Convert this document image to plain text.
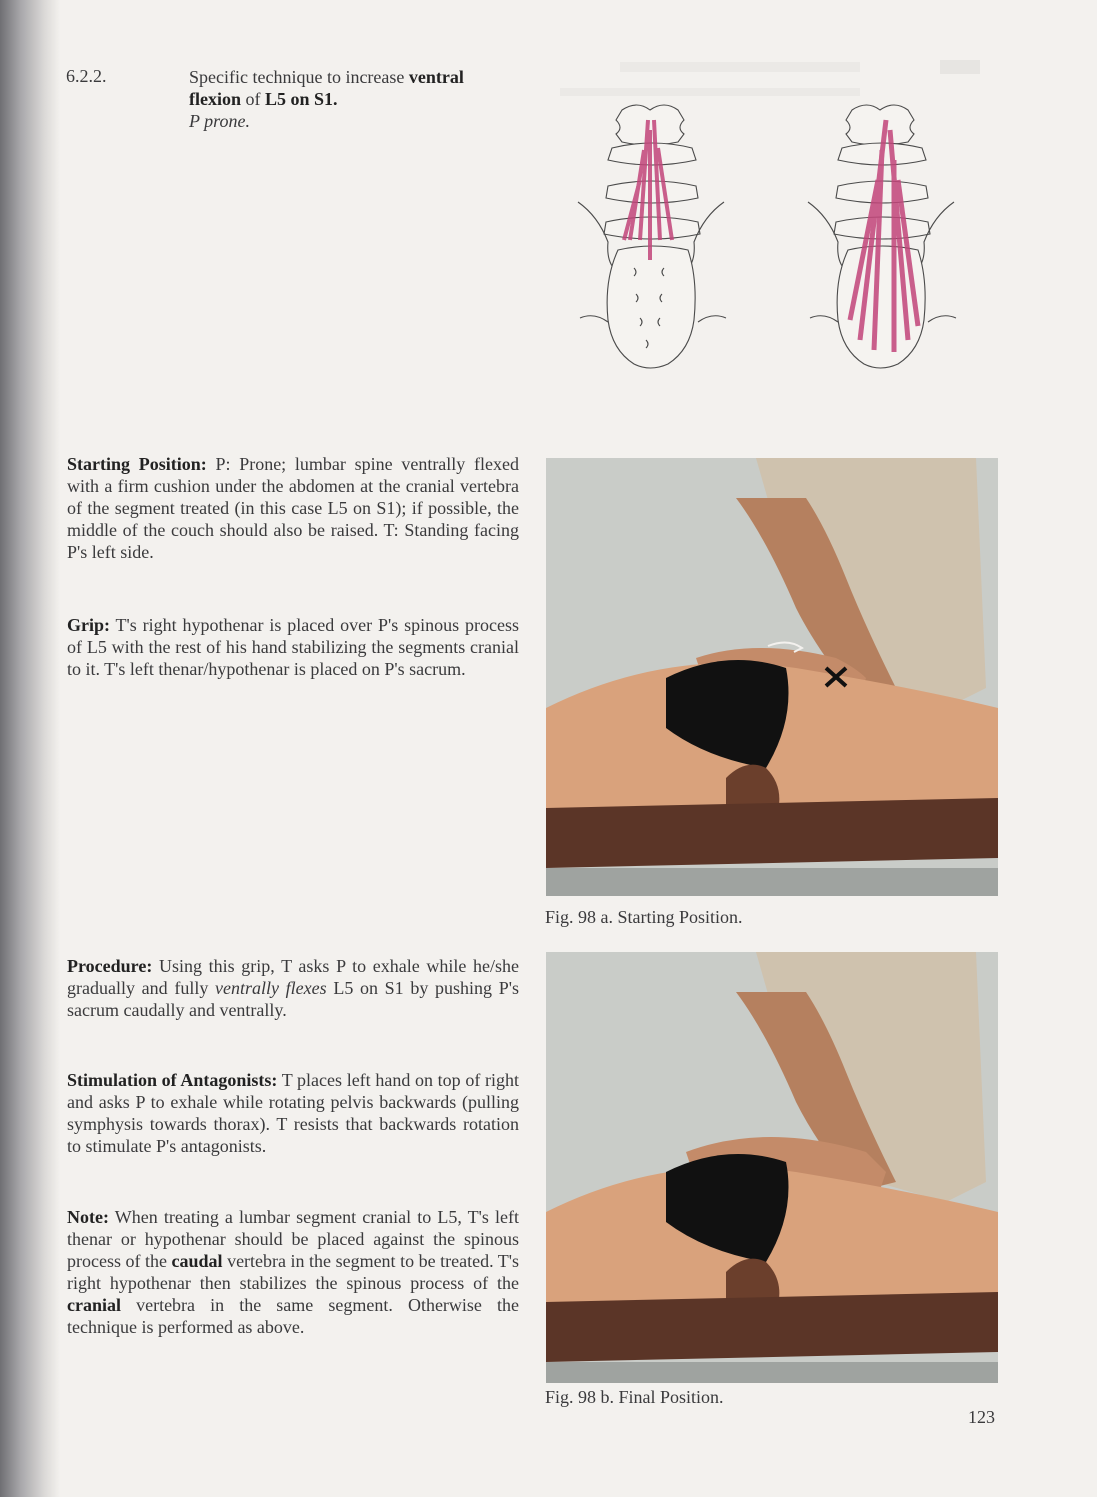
6.2.2.	Specific technique to increase ventral flexion of L5 on S1.
P prone.

Starting Position: P: Prone; lumbar spine ventrally flexed with a firm cushion under the abdomen at the cranial vertebra of the segment treated (in this case L5 on S1); if possible, the middle of the couch should also be raised. T: Standing facing P's left side.

Grip: T's right hypothenar is placed over P's spinous process of L5 with the rest of his hand stabilizing the segments cranial to it. T's left thenar/hypothenar is placed on P's sacrum.

Procedure: Using this grip, T asks P to exhale while he/she gradually and fully ventrally flexes L5 on S1 by pushing P's sacrum caudally and ventrally.

Stimulation of Antagonists: T places left hand on top of right and asks P to exhale while rotating pelvis backwards (pulling symphysis towards thorax). T resists that backwards rotation to stimulate P's antagonists.

Note: When treating a lumbar segment cranial to L5, T's left thenar or hypothenar should be placed against the spinous process of the caudal vertebra in the segment to be treated. T's right hypothenar then stabilizes the spinous process of the cranial vertebra in the same segment. Otherwise the technique is performed as above.

Fig. 98 a. Starting Position.
Fig. 98 b. Final Position.
123
